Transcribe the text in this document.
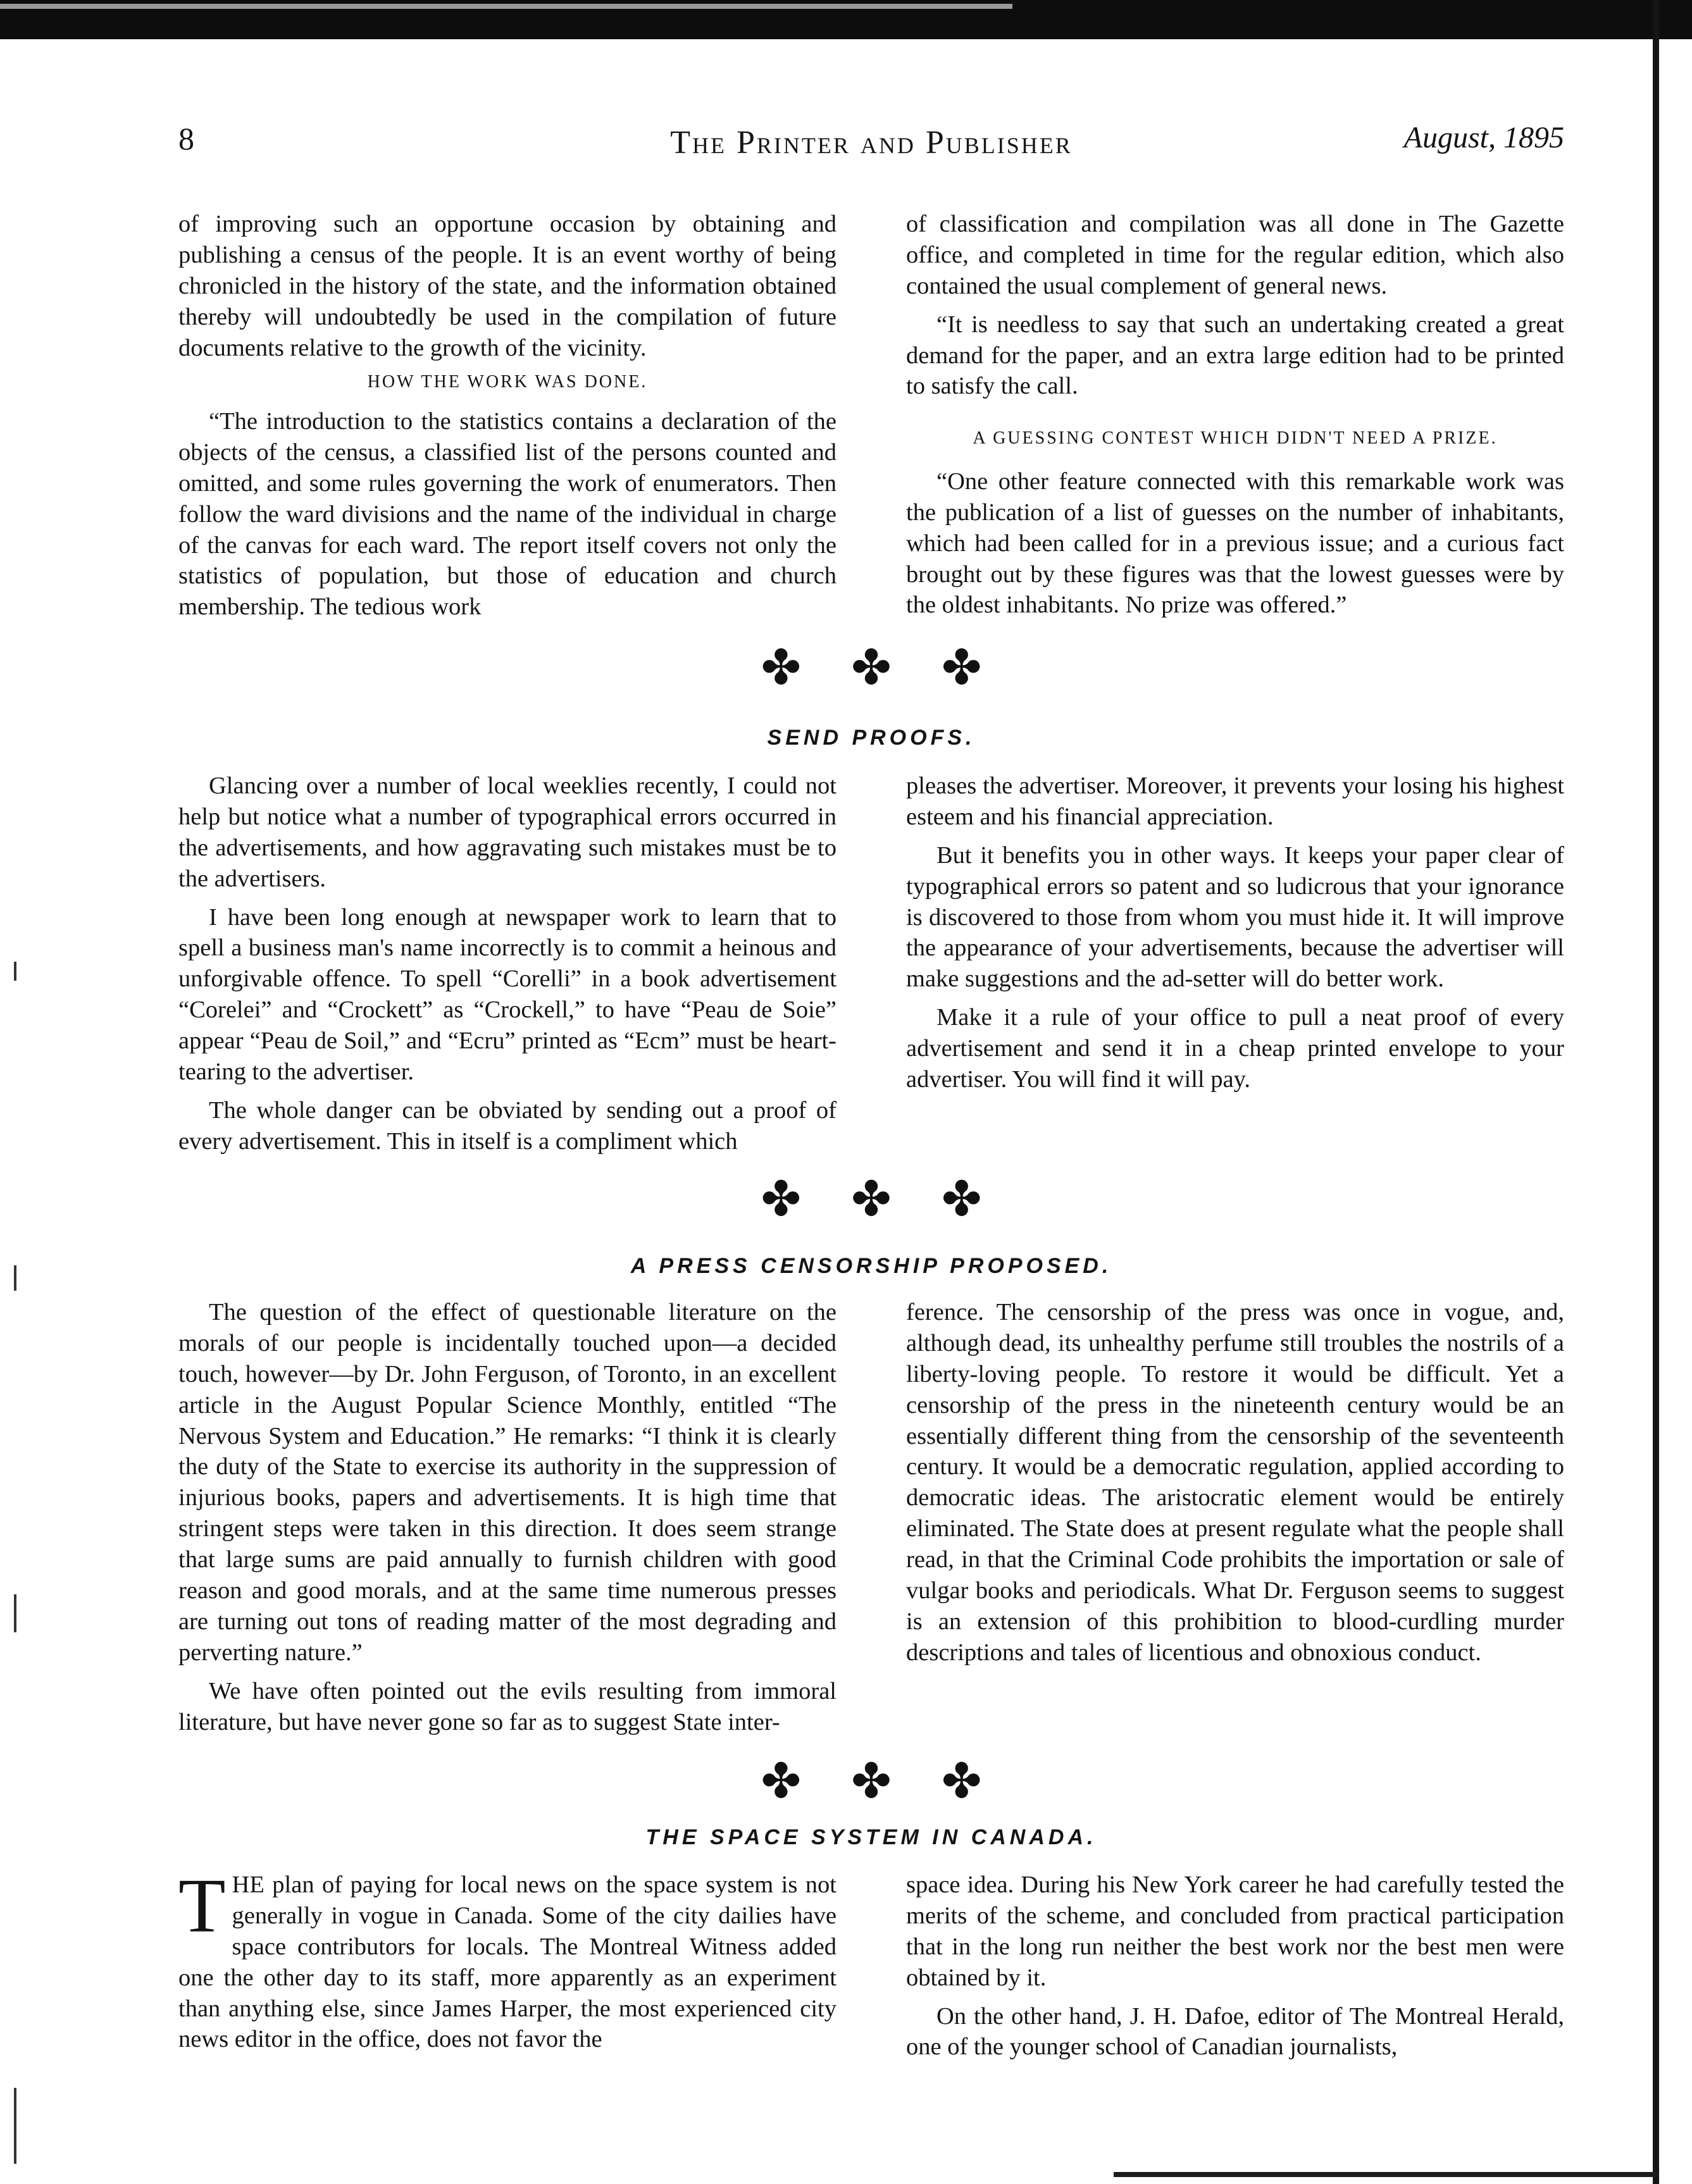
8	The Printer and Publisher	August, 1895

of improving such an opportune occasion by obtaining and publishing a census of the people. It is an event worthy of being chronicled in the history of the state, and the information obtained thereby will undoubtedly be used in the compilation of future documents relative to the growth of the vicinity.

HOW THE WORK WAS DONE.

“The introduction to the statistics contains a declaration of the objects of the census, a classified list of the persons counted and omitted, and some rules governing the work of enumerators. Then follow the ward divisions and the name of the individual in charge of the canvas for each ward. The report itself covers not only the statistics of population, but those of education and church membership. The tedious work

of classification and compilation was all done in The Gazette office, and completed in time for the regular edition, which also contained the usual complement of general news.

“It is needless to say that such an undertaking created a great demand for the paper, and an extra large edition had to be printed to satisfy the call.

A GUESSING CONTEST WHICH DIDN'T NEED A PRIZE.

“One other feature connected with this remarkable work was the publication of a list of guesses on the number of inhabitants, which had been called for in a previous issue; and a curious fact brought out by these figures was that the lowest guesses were by the oldest inhabitants. No prize was offered.”

✤ ✤ ✤
SEND PROOFS.

Glancing over a number of local weeklies recently, I could not help but notice what a number of typographical errors occurred in the advertisements, and how aggravating such mistakes must be to the advertisers.

I have been long enough at newspaper work to learn that to spell a business man's name incorrectly is to commit a heinous and unforgivable offence. To spell “Corelli” in a book advertisement “Corelei” and “Crockett” as “Crockell,” to have “Peau de Soie” appear “Peau de Soil,” and “Ecru” printed as “Ecm” must be heart-tearing to the advertiser.

The whole danger can be obviated by sending out a proof of every advertisement. This in itself is a compliment which

pleases the advertiser. Moreover, it prevents your losing his highest esteem and his financial appreciation.

But it benefits you in other ways. It keeps your paper clear of typographical errors so patent and so ludicrous that your ignorance is discovered to those from whom you must hide it. It will improve the appearance of your advertisements, because the advertiser will make suggestions and the ad-setter will do better work.

Make it a rule of your office to pull a neat proof of every advertisement and send it in a cheap printed envelope to your advertiser. You will find it will pay.

✤ ✤ ✤
A PRESS CENSORSHIP PROPOSED.

The question of the effect of questionable literature on the morals of our people is incidentally touched upon—a decided touch, however—by Dr. John Ferguson, of Toronto, in an excellent article in the August Popular Science Monthly, entitled “The Nervous System and Education.” He remarks: “I think it is clearly the duty of the State to exercise its authority in the suppression of injurious books, papers and advertisements. It is high time that stringent steps were taken in this direction. It does seem strange that large sums are paid annually to furnish children with good reason and good morals, and at the same time numerous presses are turning out tons of reading matter of the most degrading and perverting nature.”

We have often pointed out the evils resulting from immoral literature, but have never gone so far as to suggest State inter-

ference. The censorship of the press was once in vogue, and, although dead, its unhealthy perfume still troubles the nostrils of a liberty-loving people. To restore it would be difficult. Yet a censorship of the press in the nineteenth century would be an essentially different thing from the censorship of the seventeenth century. It would be a democratic regulation, applied according to democratic ideas. The aristocratic element would be entirely eliminated. The State does at present regulate what the people shall read, in that the Criminal Code prohibits the importation or sale of vulgar books and periodicals. What Dr. Ferguson seems to suggest is an extension of this prohibition to blood-curdling murder descriptions and tales of licentious and obnoxious conduct.

✤ ✤ ✤
THE SPACE SYSTEM IN CANADA.

THE plan of paying for local news on the space system is not generally in vogue in Canada. Some of the city dailies have space contributors for locals. The Montreal Witness added one the other day to its staff, more apparently as an experiment than anything else, since James Harper, the most experienced city news editor in the office, does not favor the

space idea. During his New York career he had carefully tested the merits of the scheme, and concluded from practical participation that in the long run neither the best work nor the best men were obtained by it.

On the other hand, J. H. Dafoe, editor of The Montreal Herald, one of the younger school of Canadian journalists,
